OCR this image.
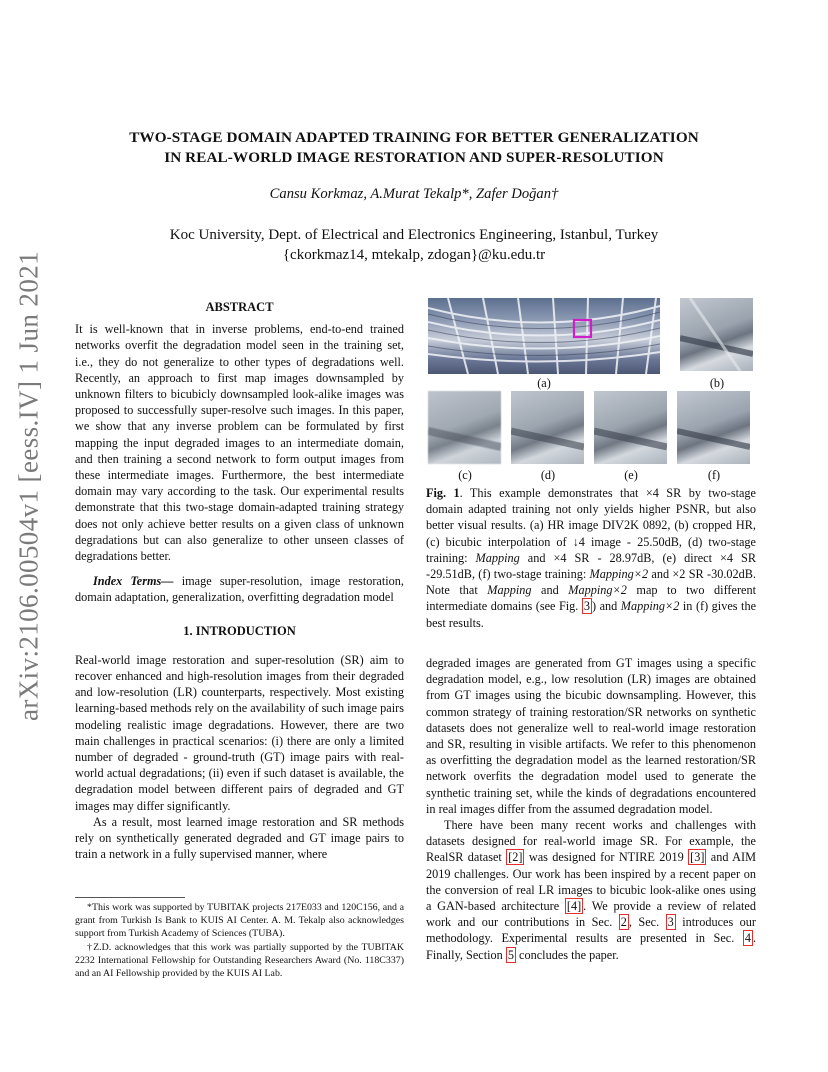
arXiv:2106.00504v1 [eess.IV] 1 Jun 2021
TWO-STAGE DOMAIN ADAPTED TRAINING FOR BETTER GENERALIZATION
IN REAL-WORLD IMAGE RESTORATION AND SUPER-RESOLUTION
Cansu Korkmaz, A.Murat Tekalp*, Zafer Doğan†
Koc University, Dept. of Electrical and Electronics Engineering, Istanbul, Turkey
{ckorkmaz14, mtekalp, zdogan}@ku.edu.tr
ABSTRACT

It is well-known that in inverse problems, end-to-end trained networks overfit the degradation model seen in the training set, i.e., they do not generalize to other types of degradations well. Recently, an approach to first map images downsampled by unknown filters to bicubicly downsampled look-alike images was proposed to successfully super-resolve such images. In this paper, we show that any inverse problem can be formulated by first mapping the input degraded images to an intermediate domain, and then training a second network to form output images from these intermediate images. Furthermore, the best intermediate domain may vary according to the task. Our experimental results demonstrate that this two-stage domain-adapted training strategy does not only achieve better results on a given class of unknown degradations but can also generalize to other unseen classes of degradations better.

Index Terms— image super-resolution, image restoration, domain adaptation, generalization, overfitting degradation model

1. INTRODUCTION

Real-world image restoration and super-resolution (SR) aim to recover enhanced and high-resolution images from their degraded and low-resolution (LR) counterparts, respectively. Most existing learning-based methods rely on the availability of such image pairs modeling realistic image degradations. However, there are two main challenges in practical scenarios: (i) there are only a limited number of degraded - ground-truth (GT) image pairs with real-world actual degradations; (ii) even if such dataset is available, the degradation model between different pairs of degraded and GT images may differ significantly.

As a result, most learned image restoration and SR methods rely on synthetically generated degraded and GT image pairs to train a network in a fully supervised manner, where

*This work was supported by TUBITAK projects 217E033 and 120C156, and a grant from Turkish Is Bank to KUIS AI Center. A. M. Tekalp also acknowledges support from Turkish Academy of Sciences (TUBA).

†Z.D. acknowledges that this work was partially supported by the TUBITAK 2232 International Fellowship for Outstanding Researchers Award (No. 118C337) and an AI Fellowship provided by the KUIS AI Lab.

(a)	(b)
(c)	(d)	(e)	(f)
Fig. 1. This example demonstrates that ×4 SR by two-stage domain adapted training not only yields higher PSNR, but also better visual results. (a) HR image DIV2K 0892, (b) cropped HR, (c) bicubic interpolation of ↓4 image - 25.50dB, (d) two-stage training: Mapping and ×4 SR - 28.97dB, (e) direct ×4 SR -29.51dB, (f) two-stage training: Mapping×2 and ×2 SR -30.02dB. Note that Mapping and Mapping×2 map to two different intermediate domains (see Fig. 3 ) and Mapping×2 in (f) gives the best results.

degraded images are generated from GT images using a specific degradation model, e.g., low resolution (LR) images are obtained from GT images using the bicubic downsampling. However, this common strategy of training restoration/SR networks on synthetic datasets does not generalize well to real-world image restoration and SR, resulting in visible artifacts. We refer to this phenomenon as overfitting the degradation model as the learned restoration/SR network overfits the degradation model used to generate the synthetic training set, while the kinds of degradations encountered in real images differ from the assumed degradation model.

There have been many recent works and challenges with datasets designed for real-world image SR. For example, the RealSR dataset [2] was designed for NTIRE 2019 [3] and AIM 2019 challenges. Our work has been inspired by a recent paper on the conversion of real LR images to bicubic look-alike ones using a GAN-based architecture [4] . We provide a review of related work and our contributions in Sec. 2 , Sec. 3 introduces our methodology. Experimental results are presented in Sec. 4 . Finally, Section 5 concludes the paper.
